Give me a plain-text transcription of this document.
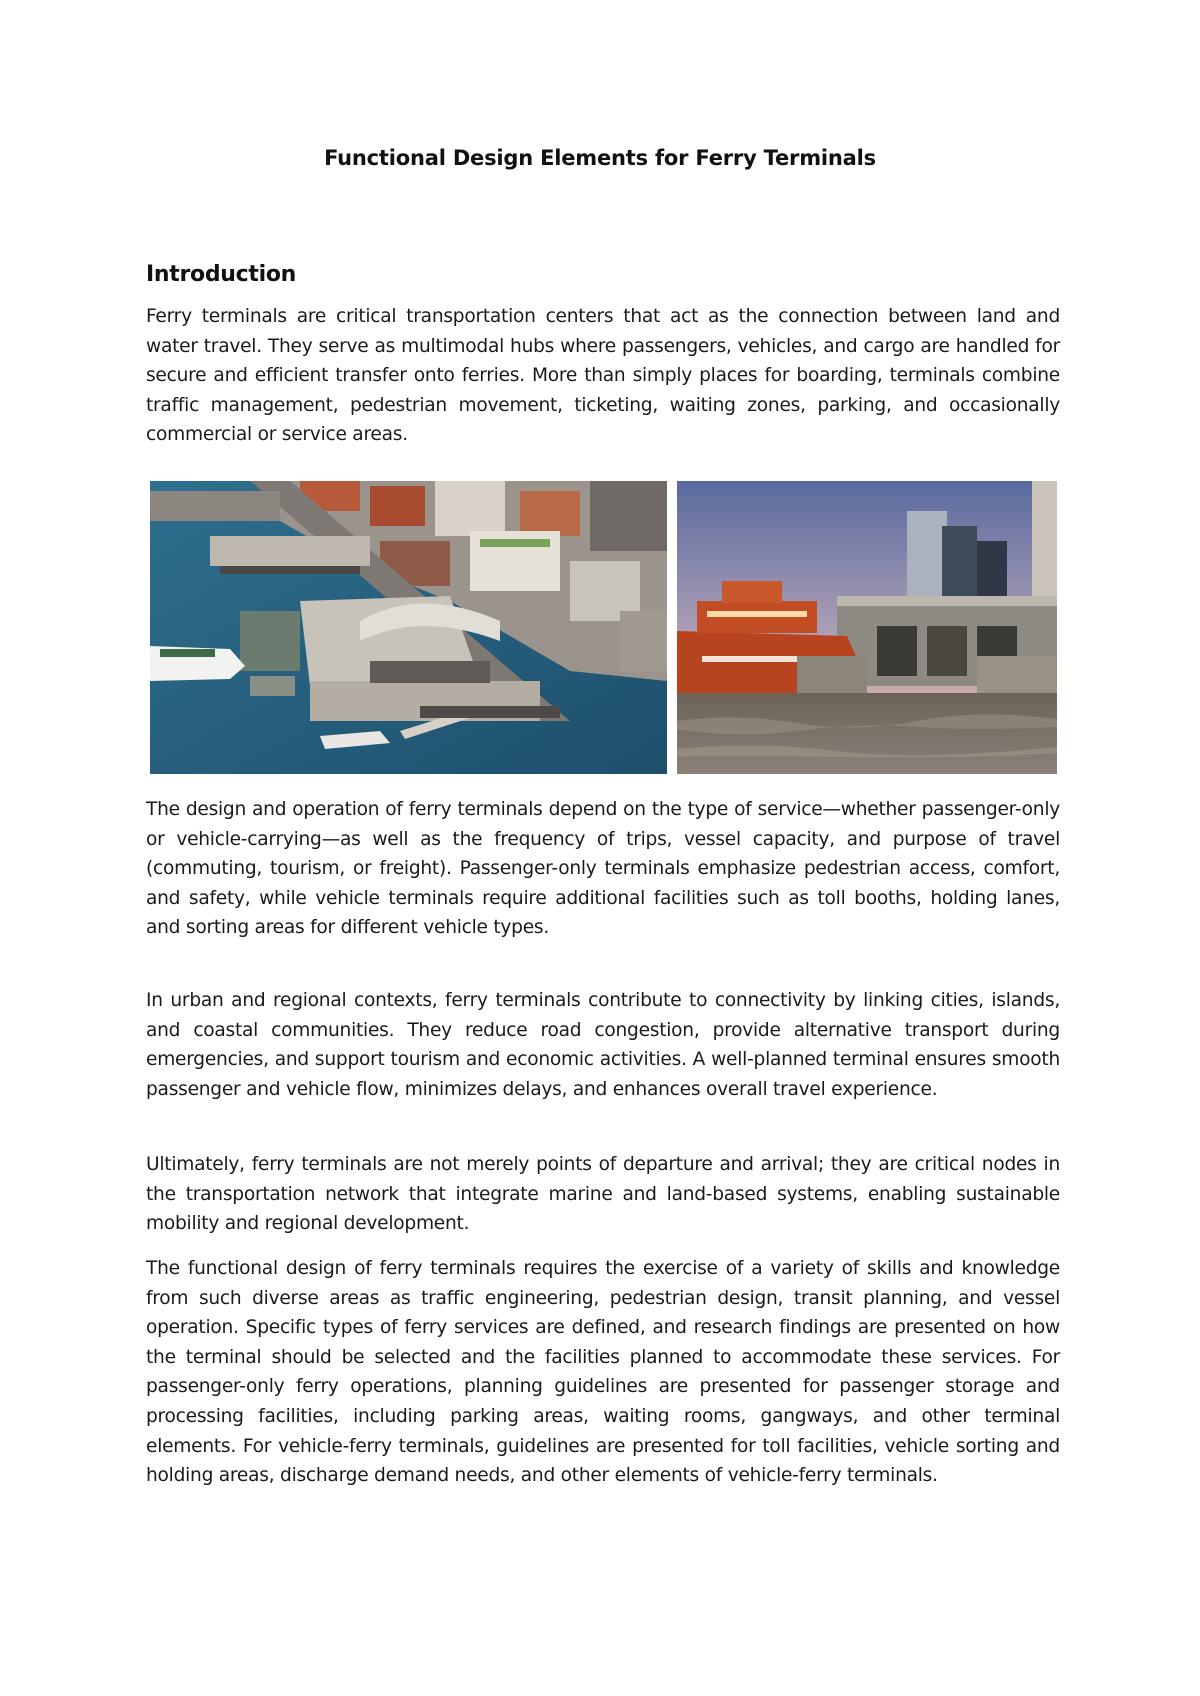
Functional Design Elements for Ferry Terminals
Introduction

Ferry terminals are critical transportation centers that act as the connection between land and water travel. They serve as multimodal hubs where passengers, vehicles, and cargo are handled for secure and efficient transfer onto ferries. More than simply places for boarding, terminals combine traffic management, pedestrian movement, ticketing, waiting zones, parking, and occasionally commercial or service areas.

The design and operation of ferry terminals depend on the type of service—whether passenger-only or vehicle-carrying—as well as the frequency of trips, vessel capacity, and purpose of travel (commuting, tourism, or freight). Passenger-only terminals emphasize pedestrian access, comfort, and safety, while vehicle terminals require additional facilities such as toll booths, holding lanes, and sorting areas for different vehicle types.

In urban and regional contexts, ferry terminals contribute to connectivity by linking cities, islands, and coastal communities. They reduce road congestion, provide alternative transport during emergencies, and support tourism and economic activities. A well-planned terminal ensures smooth passenger and vehicle flow, minimizes delays, and enhances overall travel experience.

Ultimately, ferry terminals are not merely points of departure and arrival; they are critical nodes in the transportation network that integrate marine and land-based systems, enabling sustainable mobility and regional development.

The functional design of ferry terminals requires the exercise of a variety of skills and knowledge from such diverse areas as traffic engineering, pedestrian design, transit planning, and vessel operation. Specific types of ferry services are defined, and research findings are presented on how the terminal should be selected and the facilities planned to accommodate these services. For passenger-only ferry operations, planning guidelines are presented for passenger storage and processing facilities, including parking areas, waiting rooms, gangways, and other terminal elements. For vehicle-ferry terminals, guidelines are presented for toll facilities, vehicle sorting and holding areas, discharge demand needs, and other elements of vehicle-ferry terminals.
